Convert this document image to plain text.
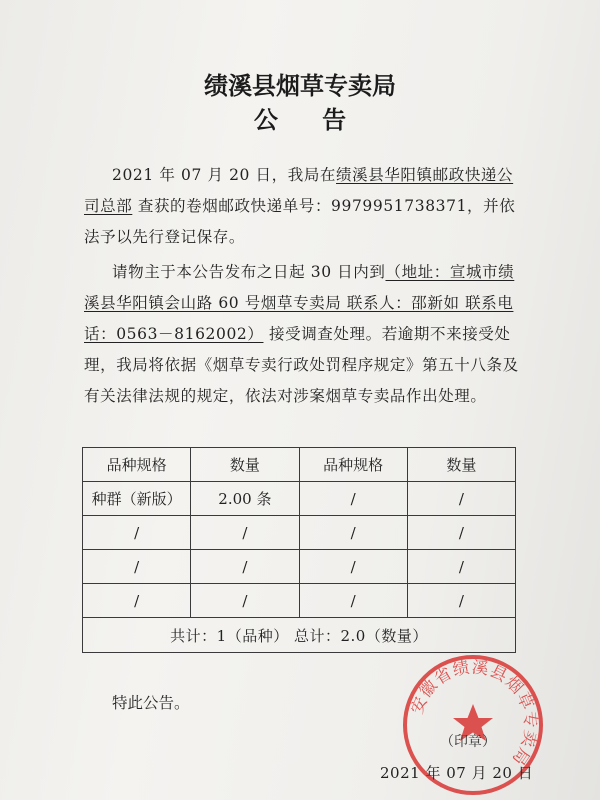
绩溪县烟草专卖局
公 告
2021 年 07 月 20 日，我局在绩溪县华阳镇邮政快递公司总部 查获的卷烟邮政快递单号：9979951738371，并依法予以先行登记保存。
请物主于本公告发布之日起 30 日内到（地址：宣城市绩溪县华阳镇会山路 60 号烟草专卖局 联系人：邵新如 联系电话：0563－8162002） 接受调查处理。若逾期不来接受处理，我局将依据《烟草专卖行政处罚程序规定》第五十八条及有关法律法规的规定，依法对涉案烟草专卖品作出处理。
品种规格	数量	品种规格	数量
种群（新版）	2.00 条	/	/
/	/	/	/
/	/	/	/
/	/	/	/
共计：1（品种） 总计：2.0（数量）			
特此公告。	安徽省绩溪县烟草专卖局
（印章）
2021 年 07 月 20 日
